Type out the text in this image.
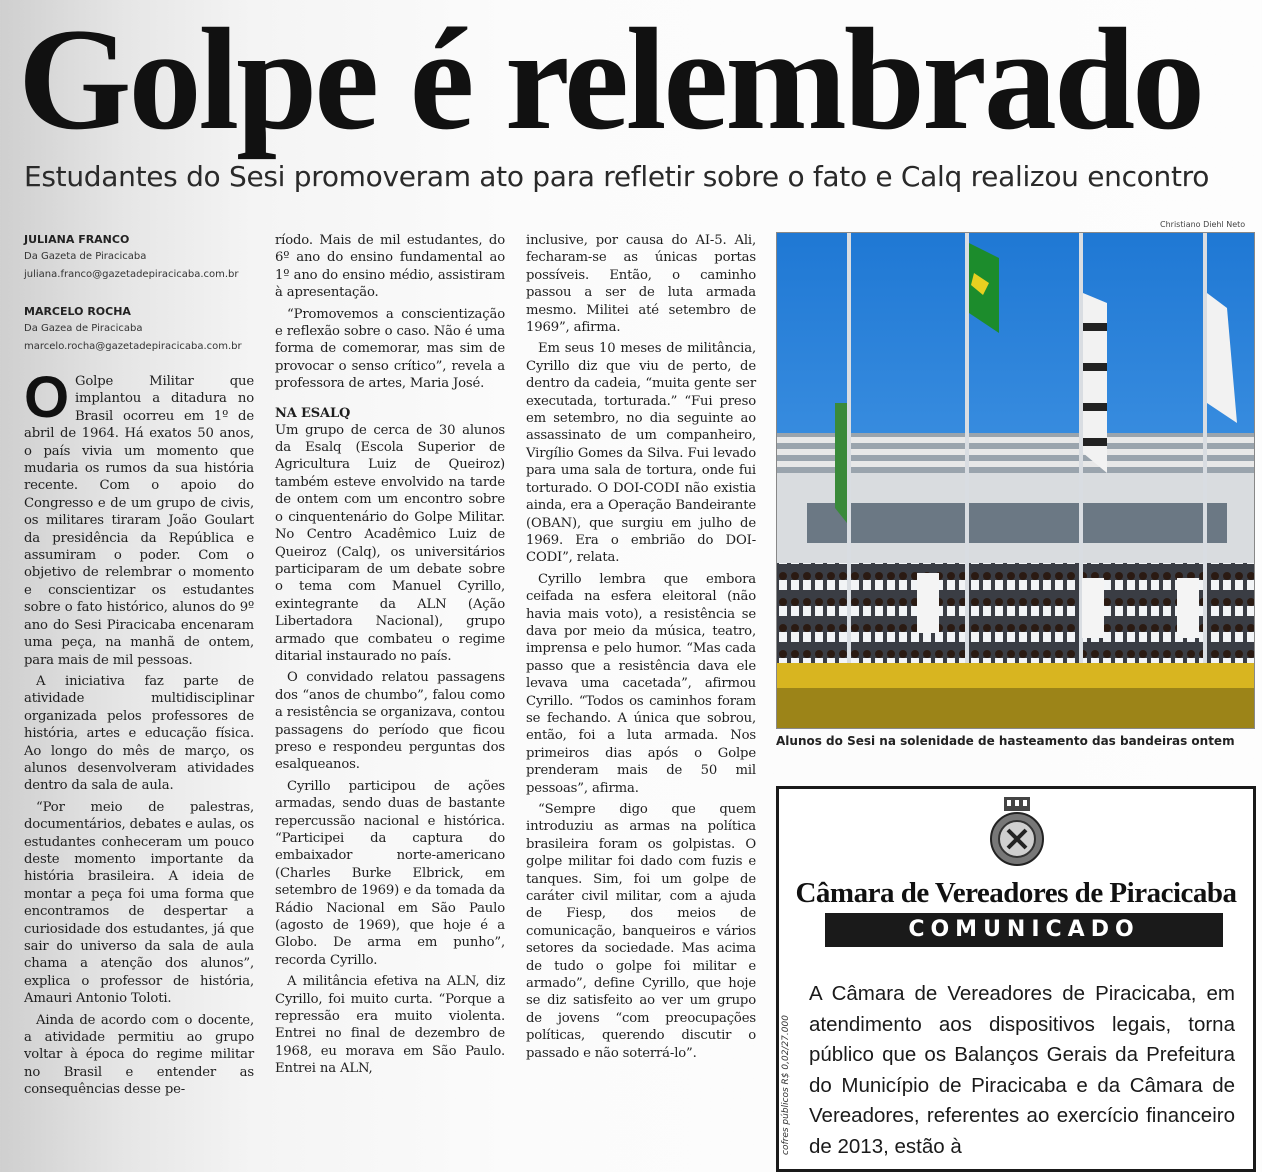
Golpe é relembrado
Estudantes do Sesi promoveram ato para refletir sobre o fato e Calq realizou encontro
JULIANA FRANCO
Da Gazeta de Piracicaba
juliana.franco@gazetadepiracicaba.com.br
MARCELO ROCHA
Da Gazea de Piracicaba
marcelo.rocha@gazetadepiracicaba.com.br

O Golpe Militar que implantou a ditadura no Brasil ocorreu em 1º de abril de 1964. Há exatos 50 anos, o país vivia um momento que mudaria os rumos da sua história recente. Com o apoio do Congresso e de um grupo de civis, os militares tiraram João Goulart da presidência da República e assumiram o poder. Com o objetivo de relembrar o momento e conscientizar os estudantes sobre o fato histórico, alunos do 9º ano do Sesi Piracicaba encenaram uma peça, na manhã de ontem, para mais de mil pessoas.

A iniciativa faz parte de atividade multidisciplinar organizada pelos professores de história, artes e educação física. Ao longo do mês de março, os alunos desenvolveram atividades dentro da sala de aula.

“Por meio de palestras, documentários, debates e aulas, os estudantes conheceram um pouco deste momento importante da história brasileira. A ideia de montar a peça foi uma forma que encontramos de despertar a curiosidade dos estudantes, já que sair do universo da sala de aula chama a atenção dos alunos”, explica o professor de história, Amauri Antonio Toloti.

Ainda de acordo com o docente, a atividade permitiu ao grupo voltar à época do regime militar no Brasil e entender as consequências desse pe-

ríodo. Mais de mil estudantes, do 6º ano do ensino fundamental ao 1º ano do ensino médio, assistiram à apresentação.

“Promovemos a conscientização e reflexão sobre o caso. Não é uma forma de comemorar, mas sim de provocar o senso crítico”, revela a professora de artes, Maria José.

NA ESALQ

Um grupo de cerca de 30 alunos da Esalq (Escola Superior de Agricultura Luiz de Queiroz) também esteve envolvido na tarde de ontem com um encontro sobre o cinquentenário do Golpe Militar. No Centro Acadêmico Luiz de Queiroz (Calq), os universitários participaram de um debate sobre o tema com Manuel Cyrillo, exintegrante da ALN (Ação Libertadora Nacional), grupo armado que combateu o regime ditarial instaurado no país.

O convidado relatou passagens dos “anos de chumbo”, falou como a resistência se organizava, contou passagens do período que ficou preso e respondeu perguntas dos esalqueanos.

Cyrillo participou de ações armadas, sendo duas de bastante repercussão nacional e histórica. “Participei da captura do embaixador norte-americano (Charles Burke Elbrick, em setembro de 1969) e da tomada da Rádio Nacional em São Paulo (agosto de 1969), que hoje é a Globo. De arma em punho”, recorda Cyrillo.

A militância efetiva na ALN, diz Cyrillo, foi muito curta. “Porque a repressão era muito violenta. Entrei no final de dezembro de 1968, eu morava em São Paulo. Entrei na ALN,

inclusive, por causa do AI-5. Ali, fecharam-se as únicas portas possíveis. Então, o caminho passou a ser de luta armada mesmo. Militei até setembro de 1969”, afirma.

Em seus 10 meses de militância, Cyrillo diz que viu de perto, de dentro da cadeia, “muita gente ser executada, torturada.” “Fui preso em setembro, no dia seguinte ao assassinato de um companheiro, Virgílio Gomes da Silva. Fui levado para uma sala de tortura, onde fui torturado. O DOI-CODI não existia ainda, era a Operação Bandeirante (OBAN), que surgiu em julho de 1969. Era o embrião do DOI-CODI”, relata.

Cyrillo lembra que embora ceifada na esfera eleitoral (não havia mais voto), a resistência se dava por meio da música, teatro, imprensa e pelo humor. “Mas cada passo que a resistência dava ele levava uma cacetada”, afirmou Cyrillo. “Todos os caminhos foram se fechando. A única que sobrou, então, foi a luta armada. Nos primeiros dias após o Golpe prenderam mais de 50 mil pessoas”, afirma.

“Sempre digo que quem introduziu as armas na política brasileira foram os golpistas. O golpe militar foi dado com fuzis e tanques. Sim, foi um golpe de caráter civil militar, com a ajuda de Fiesp, dos meios de comunicação, banqueiros e vários setores da sociedade. Mas acima de tudo o golpe foi militar e armado”, define Cyrillo, que hoje se diz satisfeito ao ver um grupo de jovens “com preocupações políticas, querendo discutir o passado e não soterrá-lo”.

Christiano Diehl Neto
Alunos do Sesi na solenidade de hasteamento das bandeiras ontem
Câmara de Vereadores de Piracicaba
COMUNICADO
A Câmara de Vereadores de Piracicaba, em atendimento aos dispositivos legais, torna público que os Balanços Gerais da Prefeitura do Município de Piracicaba e da Câmara de Vereadores, referentes ao exercício financeiro de 2013, estão à
cofres públicos R$ 0,02/27.000
